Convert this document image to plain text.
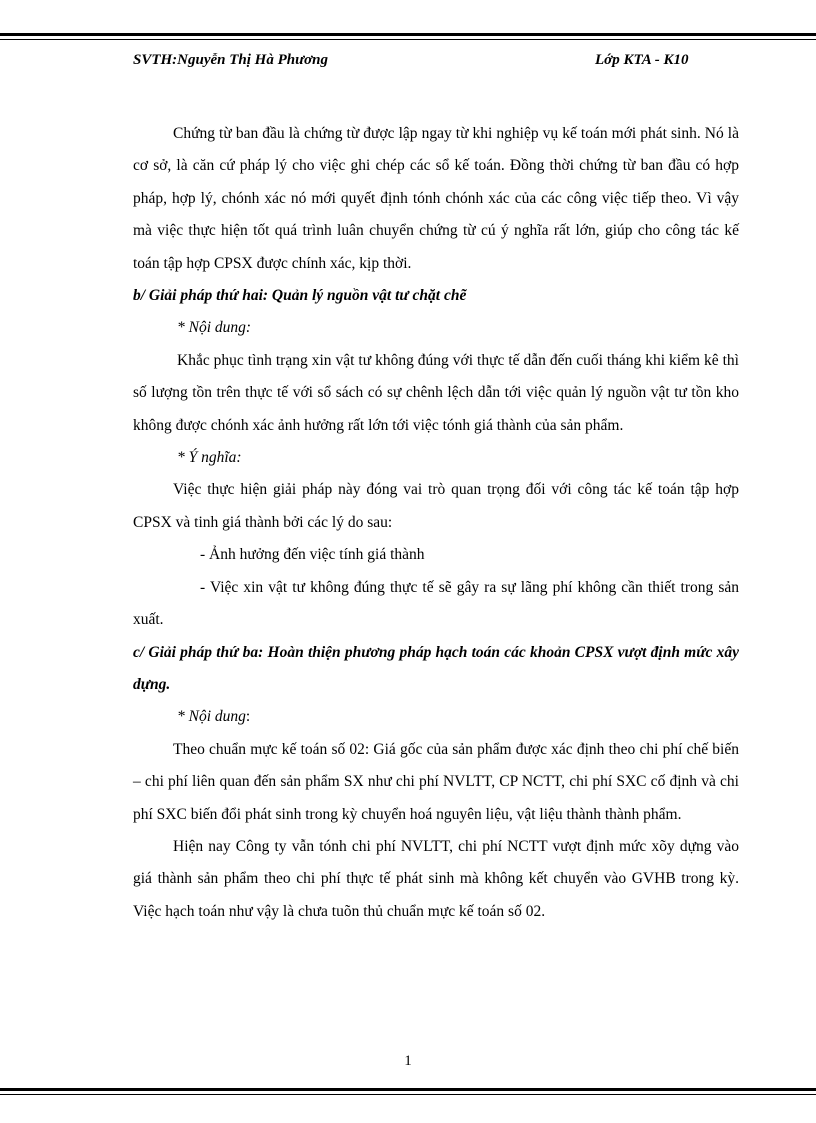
SVTH:Nguyễn Thị Hà Phương	Lớp KTA - K10

Chứng từ ban đầu là chứng từ được lập ngay từ khi nghiệp vụ kế toán mới phát sinh. Nó là cơ sở, là căn cứ pháp lý cho việc ghi chép các sổ kế toán. Đồng thời chứng từ ban đầu có hợp pháp, hợp lý, chónh xác nó mới quyết định tónh chónh xác của các công việc tiếp theo. Vì vậy mà việc thực hiện tốt quá trình luân chuyển chứng từ cú ý nghĩa rất lớn, giúp cho công tác kế toán tập hợp CPSX được chính xác, kịp thời.

b/ Giải pháp thứ hai: Quản lý nguồn vật tư chặt chẽ

* Nội dung:

Khắc phục tình trạng xin vật tư không đúng với thực tế dẫn đến cuối tháng khi kiểm kê thì số lượng tồn trên thực tế với sổ sách có sự chênh lệch dẫn tới việc quản lý nguồn vật tư tồn kho không được chónh xác ảnh hưởng rất lớn tới việc tónh giá thành của sản phẩm.

* Ý nghĩa:

Việc thực hiện giải pháp này đóng vai trò quan trọng đối với công tác kế toán tập hợp CPSX và tinh giá thành bởi các lý do sau:

- Ảnh hưởng đến việc tính giá thành

- Việc xin vật tư không đúng thực tế sẽ gây ra sự lãng phí không cần thiết trong sản xuất.

c/ Giải pháp thứ ba: Hoàn thiện phương pháp hạch toán các khoản CPSX vượt định mức xây dựng.

* Nội dung:

Theo chuẩn mực kế toán số 02: Giá gốc của sản phẩm được xác định theo chi phí chế biến – chi phí liên quan đến sản phẩm SX như chi phí NVLTT, CP NCTT, chi phí SXC cố định và chi phí SXC biến đổi phát sinh trong kỳ chuyển hoá nguyên liệu, vật liệu thành thành phẩm.

Hiện nay Công ty vẫn tónh chi phí NVLTT, chi phí NCTT vượt định mức xõy dựng vào giá thành sản phẩm theo chi phí thực tế phát sinh mà không kết chuyển vào GVHB trong kỳ. Việc hạch toán như vậy là chưa tuõn thủ chuẩn mực kế toán số 02.

1
